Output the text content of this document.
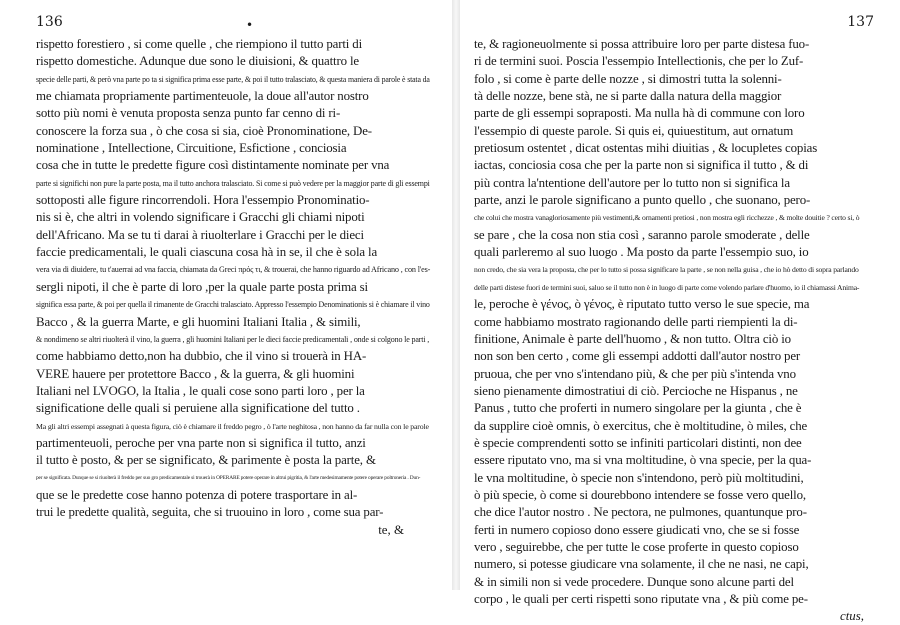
136	•
rispetto forestiero , si come quelle , che riempiono il tutto parti di
rispetto domestiche. Adunque due sono le diuisioni, & quattro le
specie delle parti, & però vna parte po ta si significa prima esse parte, & poi il tutto tralasciato, & questa maniera di parole è stata da
me chiamata propriamente partimenteuole, la doue all'autor nostro
sotto più nomi è venuta proposta senza punto far cenno di ri-
conoscere la forza sua , ò che cosa si sia, cioè Pronominatione, De-
nominatione , Intellectione, Circuitione, Esfictione , conciosia
cosa che in tutte le predette figure così distintamente nominate per vna
parte si significhi non pure la parte posta, ma il tutto anchora tralasciato. Si come si può vedere per la maggior parte di gli essempi
sottoposti alle figure rincorrendoli. Hora l'essempio Pronominatio-
nis si è, che altri in volendo significare i Gracchi gli chiami nipoti
dell'Africano. Ma se tu ti darai à riuolterlare i Gracchi per le dieci
faccie predicamentali, le quali ciascuna cosa hà in se, il che è sola la
vera via di diuidere, tu t'auerrai ad vna faccia, chiamata da Greci πρός τι, & trouerai, che hanno riguardo ad Africano , con l'es-
sergli nipoti, il che è parte di loro ,per la quale parte posta prima si
significa essa parte, & poi per quella il rimanente de Gracchi tralasciato. Appresso l'essempio Denominationis si è chiamare il vino
Bacco , & la guerra Marte, e gli huomini Italiani Italia , & simili,
& nondimeno se altri riuolterà il vino, la guerra , gli huomini Italiani per le dieci faccie predicamentali , onde si colgono le parti ,
come habbiamo detto,non ha dubbio, che il vino si trouerà in HA-
VERE hauere per protettore Bacco , & la guerra, & gli huomini
Italiani nel LVOGO, la Italia , le quali cose sono parti loro , per la
significatione delle quali si peruiene alla significatione del tutto .
Ma gli altri essempi assegnati à questa figura, ciò è chiamare il freddo pegro , ò l'arte neghitosa , non hanno da far nulla con le parole
partimenteuoli, peroche per vna parte non si significa il tutto, anzi
il tutto è posto, & per se significato, & parimente è posta la parte, &
per se significata. Dunque se si riuolterà il freddo per suo gro predicamentale si trouerà in OPERARE potere operare in altrui pigritia, & l'arte medesimamente potere operare poltroneria . Dun-
que se le predette cose hanno potenza di potere trasportare in al-
trui le predette qualità, seguita, che si truouino in loro , come sua par-
te, &
137
te, & ragioneuolmente si possa attribuire loro per parte distesa fuo-
ri de termini suoi. Poscia l'essempio Intellectionis, che per lo Zuf-
folo , si come è parte delle nozze , si dimostri tutta la solenni-
tà delle nozze, bene stà, ne si parte dalla natura della maggior
parte de gli essempi sopraposti. Ma nulla hà di commune con loro
l'essempio di queste parole. Si quis ei, quiuestitum, aut ornatum
pretiosum ostentet , dicat ostentas mihi diuitias , & locupletes copias
iactas, conciosia cosa che per la parte non si significa il tutto , & di
più contra la'ntentione dell'autore per lo tutto non si significa la
parte, anzi le parole significano a punto quello , che suonano, pero-
che colui che mostra vanagloriosamente più vestimenti,& ornamenti pretiosi , non mostra egli ricchezze , & molte douitie ? certo si, ò
se pare , che la cosa non stia così , saranno parole smoderate , delle
quali parleremo al suo luogo . Ma posto da parte l'essempio suo, io
non credo, che sia vera la proposta, che per lo tutto si possa significare la parte , se non nella guisa , che io hò detto di sopra parlando
delle parti distese fuori de termini suoi, saluo se il tutto non è in luogo di parte come volendo parlare d'huomo, io il chiamassi Anima-
le, peroche è γένος, ò γένος, è riputato tutto verso le sue specie, ma
come habbiamo mostrato ragionando delle parti riempienti la di-
finitione, Animale è parte dell'huomo , & non tutto. Oltra ciò io
non son ben certo , come gli essempi addotti dall'autor nostro per
pruoua, che per vno s'intendano più, & che per più s'intenda vno
sieno pienamente dimostratiui di ciò. Percioche ne Hispanus , ne
Panus , tutto che proferti in numero singolare per la giunta , che è
da supplire cioè omnis, ò exercitus, che è moltitudine, ò miles, che
è specie comprendenti sotto se infiniti particolari distinti, non dee
essere riputato vno, ma si vna moltitudine, ò vna specie, per la qua-
le vna moltitudine, ò specie non s'intendono, però più moltitudini,
ò più specie, ò come si dourebbono intendere se fosse vero quello,
che dice l'autor nostro . Ne pectora, ne pulmones, quantunque pro-
ferti in numero copioso dono essere giudicati vno, che se si fosse
vero , seguirebbe, che per tutte le cose proferte in questo copioso
numero, si potesse giudicare vna solamente, il che ne nasi, ne capi,
& in simili non si vede procedere. Dunque sono alcune parti del
corpo , le quali per certi rispetti sono riputate vna , & più come pe-
ctus,
